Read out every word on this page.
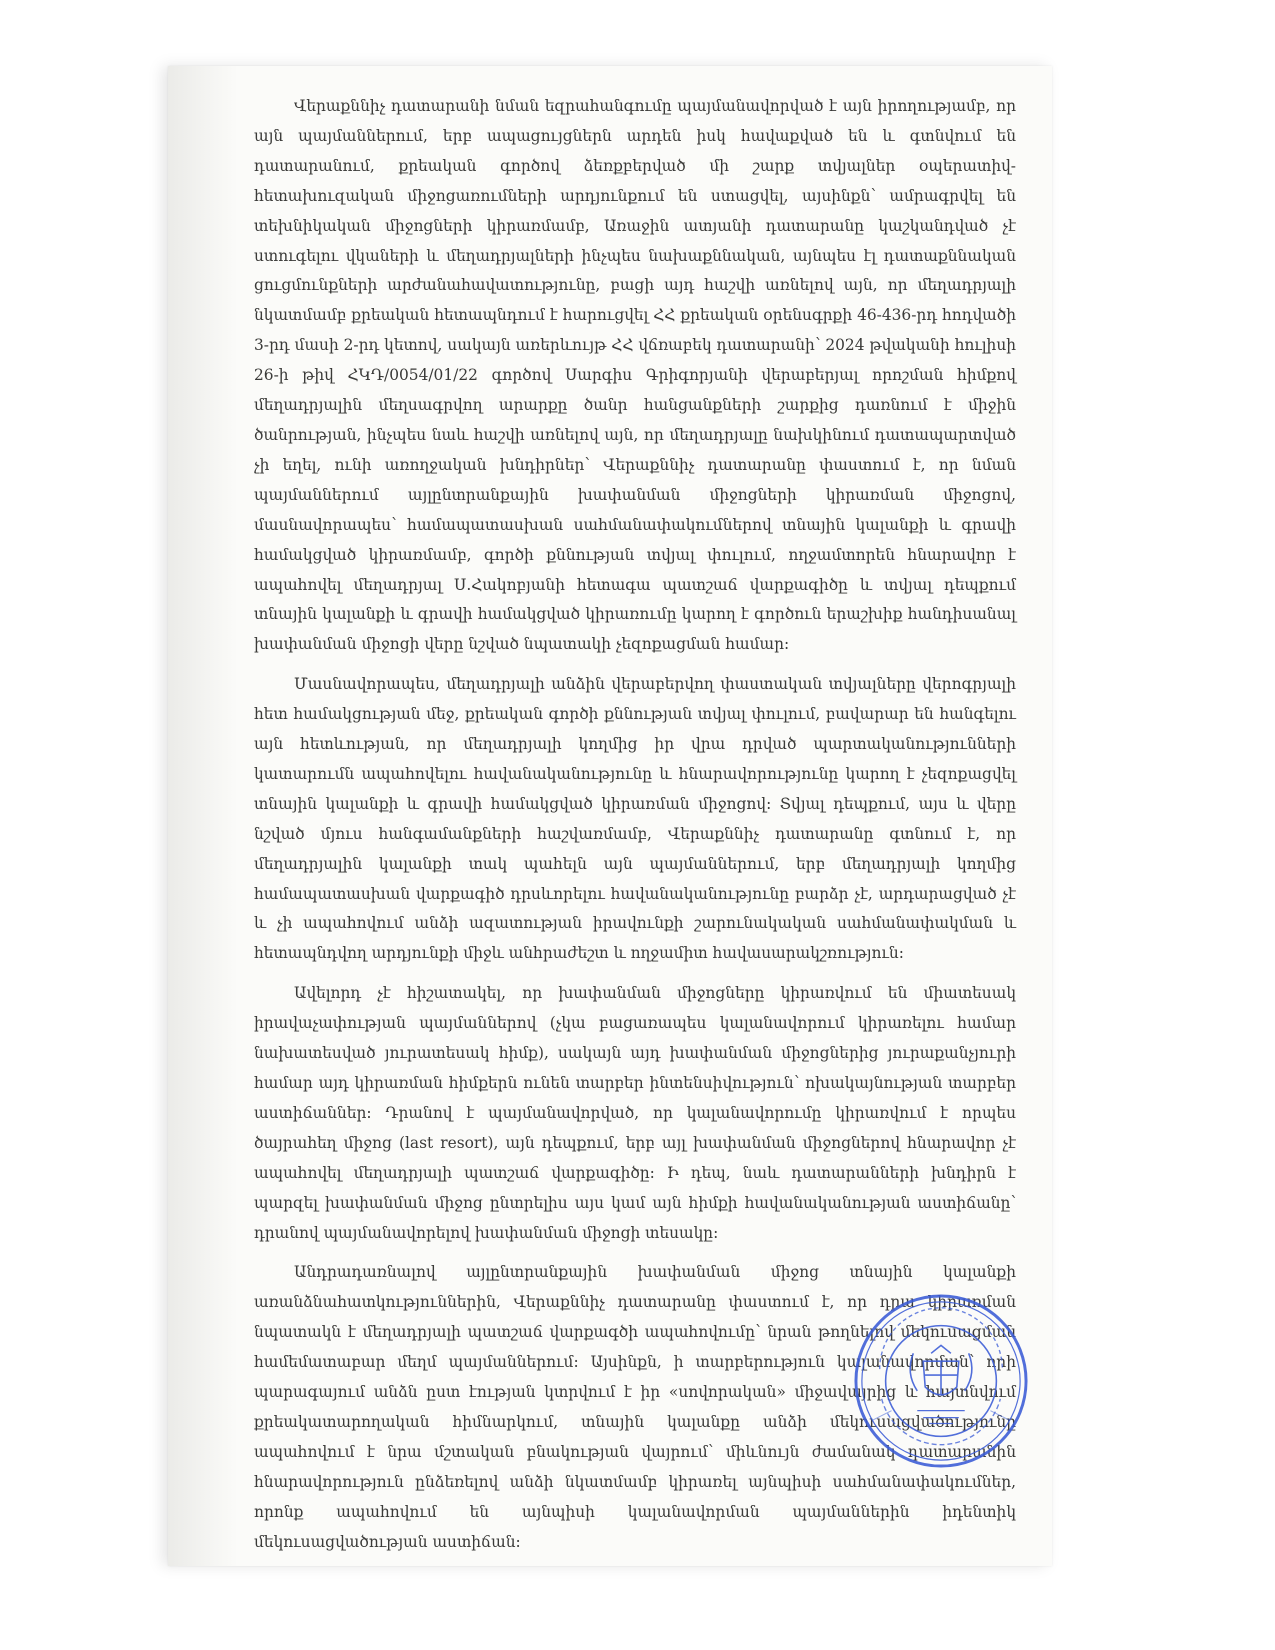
Վերաքննիչ դատարանի նման եզրահանգումը պայմանավորված է այն իրողությամբ, որ այն պայմաններում, երբ ապացույցներն արդեն իսկ հավաքված են և գտնվում են դատարանում, քրեական գործով ձեռքբերված մի շարք տվյալներ օպերատիվ-հետախուզական միջոցառումների արդյունքում են ստացվել, այսինքն՝ ամրագրվել են տեխնիկական միջոցների կիրառմամբ, Առաջին ատյանի դատարանը կաշկանդված չէ ստուգելու վկաների և մեղադրյալների ինչպես նախաքննական, այնպես էլ դատաքննական ցուցմունքների արժանահավատությունը, բացի այդ հաշվի առնելով այն, որ մեղադրյալի նկատմամբ քրեական հետապնդում է հարուցվել ՀՀ քրեական օրենսգրքի 46-436-րդ հոդվածի 3-րդ մասի 2-րդ կետով, սակայն առերևույթ ՀՀ վճռաբեկ դատարանի՝ 2024 թվականի հուլիսի 26-ի թիվ ՀԿԴ/0054/01/22 գործով Սարգիս Գրիգորյանի վերաբերյալ որոշման հիմքով մեղադրյալին մեղսագրվող արարքը ծանր հանցանքների շարքից դառնում է միջին ծանրության, ինչպես նաև հաշվի առնելով այն, որ մեղադրյալը նախկինում դատապարտված չի եղել, ունի առողջական խնդիրներ՝ Վերաքննիչ դատարանը փաստում է, որ նման պայմաններում այլընտրանքային խափանման միջոցների կիրառման միջոցով, մասնավորապես՝ համապատասխան սահմանափակումներով տնային կալանքի և գրավի համակցված կիրառմամբ, գործի քննության տվյալ փուլում, ողջամտորեն հնարավոր է ապահովել մեղադրյալ Ս.Հակոբյանի հետագա պատշաճ վարքագիծը և տվյալ դեպքում տնային կալանքի և գրավի համակցված կիրառումը կարող է գործուն երաշխիք հանդիսանալ խափանման միջոցի վերը նշված նպատակի չեզոքացման համար:

Մասնավորապես, մեղադրյալի անձին վերաբերվող փաստական տվյալները վերոգրյալի հետ համակցության մեջ, քրեական գործի քննության տվյալ փուլում, բավարար են հանգելու այն հետևության, որ մեղադրյալի կողմից իր վրա դրված պարտականությունների կատարումն ապահովելու հավանականությունը և հնարավորությունը կարող է չեզոքացվել տնային կալանքի և գրավի համակցված կիրառման միջոցով: Տվյալ դեպքում, այս և վերը նշված մյուս հանգամանքների հաշվառմամբ, Վերաքննիչ դատարանը գտնում է, որ մեղադրյալին կալանքի տակ պահելն այն պայմաններում, երբ մեղադրյալի կողմից համապատասխան վարքագիծ դրսևորելու հավանականությունը բարձր չէ, արդարացված չէ և չի ապահովում անձի ազատության իրավունքի շարունակական սահմանափակման և հետապնդվող արդյունքի միջև անհրաժեշտ և ողջամիտ հավասարակշռություն:

Ավելորդ չէ հիշատակել, որ խափանման միջոցները կիրառվում են միատեսակ իրավաչափության պայմաններով (չկա բացառապես կալանավորում կիրառելու համար նախատեսված յուրատեսակ հիմք), սակայն այդ խափանման միջոցներից յուրաքանչյուրի համար այդ կիրառման հիմքերն ունեն տարբեր ինտենսիվություն՝ ոխակայնության տարբեր աստիճաններ: Դրանով է պայմանավորված, որ կալանավորումը կիրառվում է որպես ծայրահեղ միջոց (last resort), այն դեպքում, երբ այլ խափանման միջոցներով հնարավոր չէ ապահովել մեղադրյալի պատշաճ վարքագիծը: Ի դեպ, նաև դատարանների խնդիրն է պարզել խափանման միջոց ընտրելիս այս կամ այն հիմքի հավանականության աստիճանը՝ դրանով պայմանավորելով խափանման միջոցի տեսակը:

Անդրադառնալով այլընտրանքային խափանման միջոց տնային կալանքի առանձնահատկություններին, Վերաքննիչ դատարանը փաստում է, որ դրա կիրառման նպատակն է մեղադրյալի պատշաճ վարքագծի ապահովումը՝ նրան թողնելով մեկուսացման համեմատաբար մեղմ պայմաններում: Այսինքն, ի տարբերություն կալանավորման՝ որի պարագայում անձն ըստ էության կտրվում է իր «սովորական» միջավայրից և հայտնվում քրեակատարողական հիմնարկում, տնային կալանքը անձի մեկուսացվածությունը ապահովում է նրա մշտական բնակության վայրում՝ միևնույն ժամանակ դատարանին հնարավորություն ընձեռելով անձի նկատմամբ կիրառել այնպիսի սահմանափակումներ, որոնք ապահովում են այնպիսի կալանավորման պայմաններին իդենտիկ մեկուսացվածության աստիճան:
